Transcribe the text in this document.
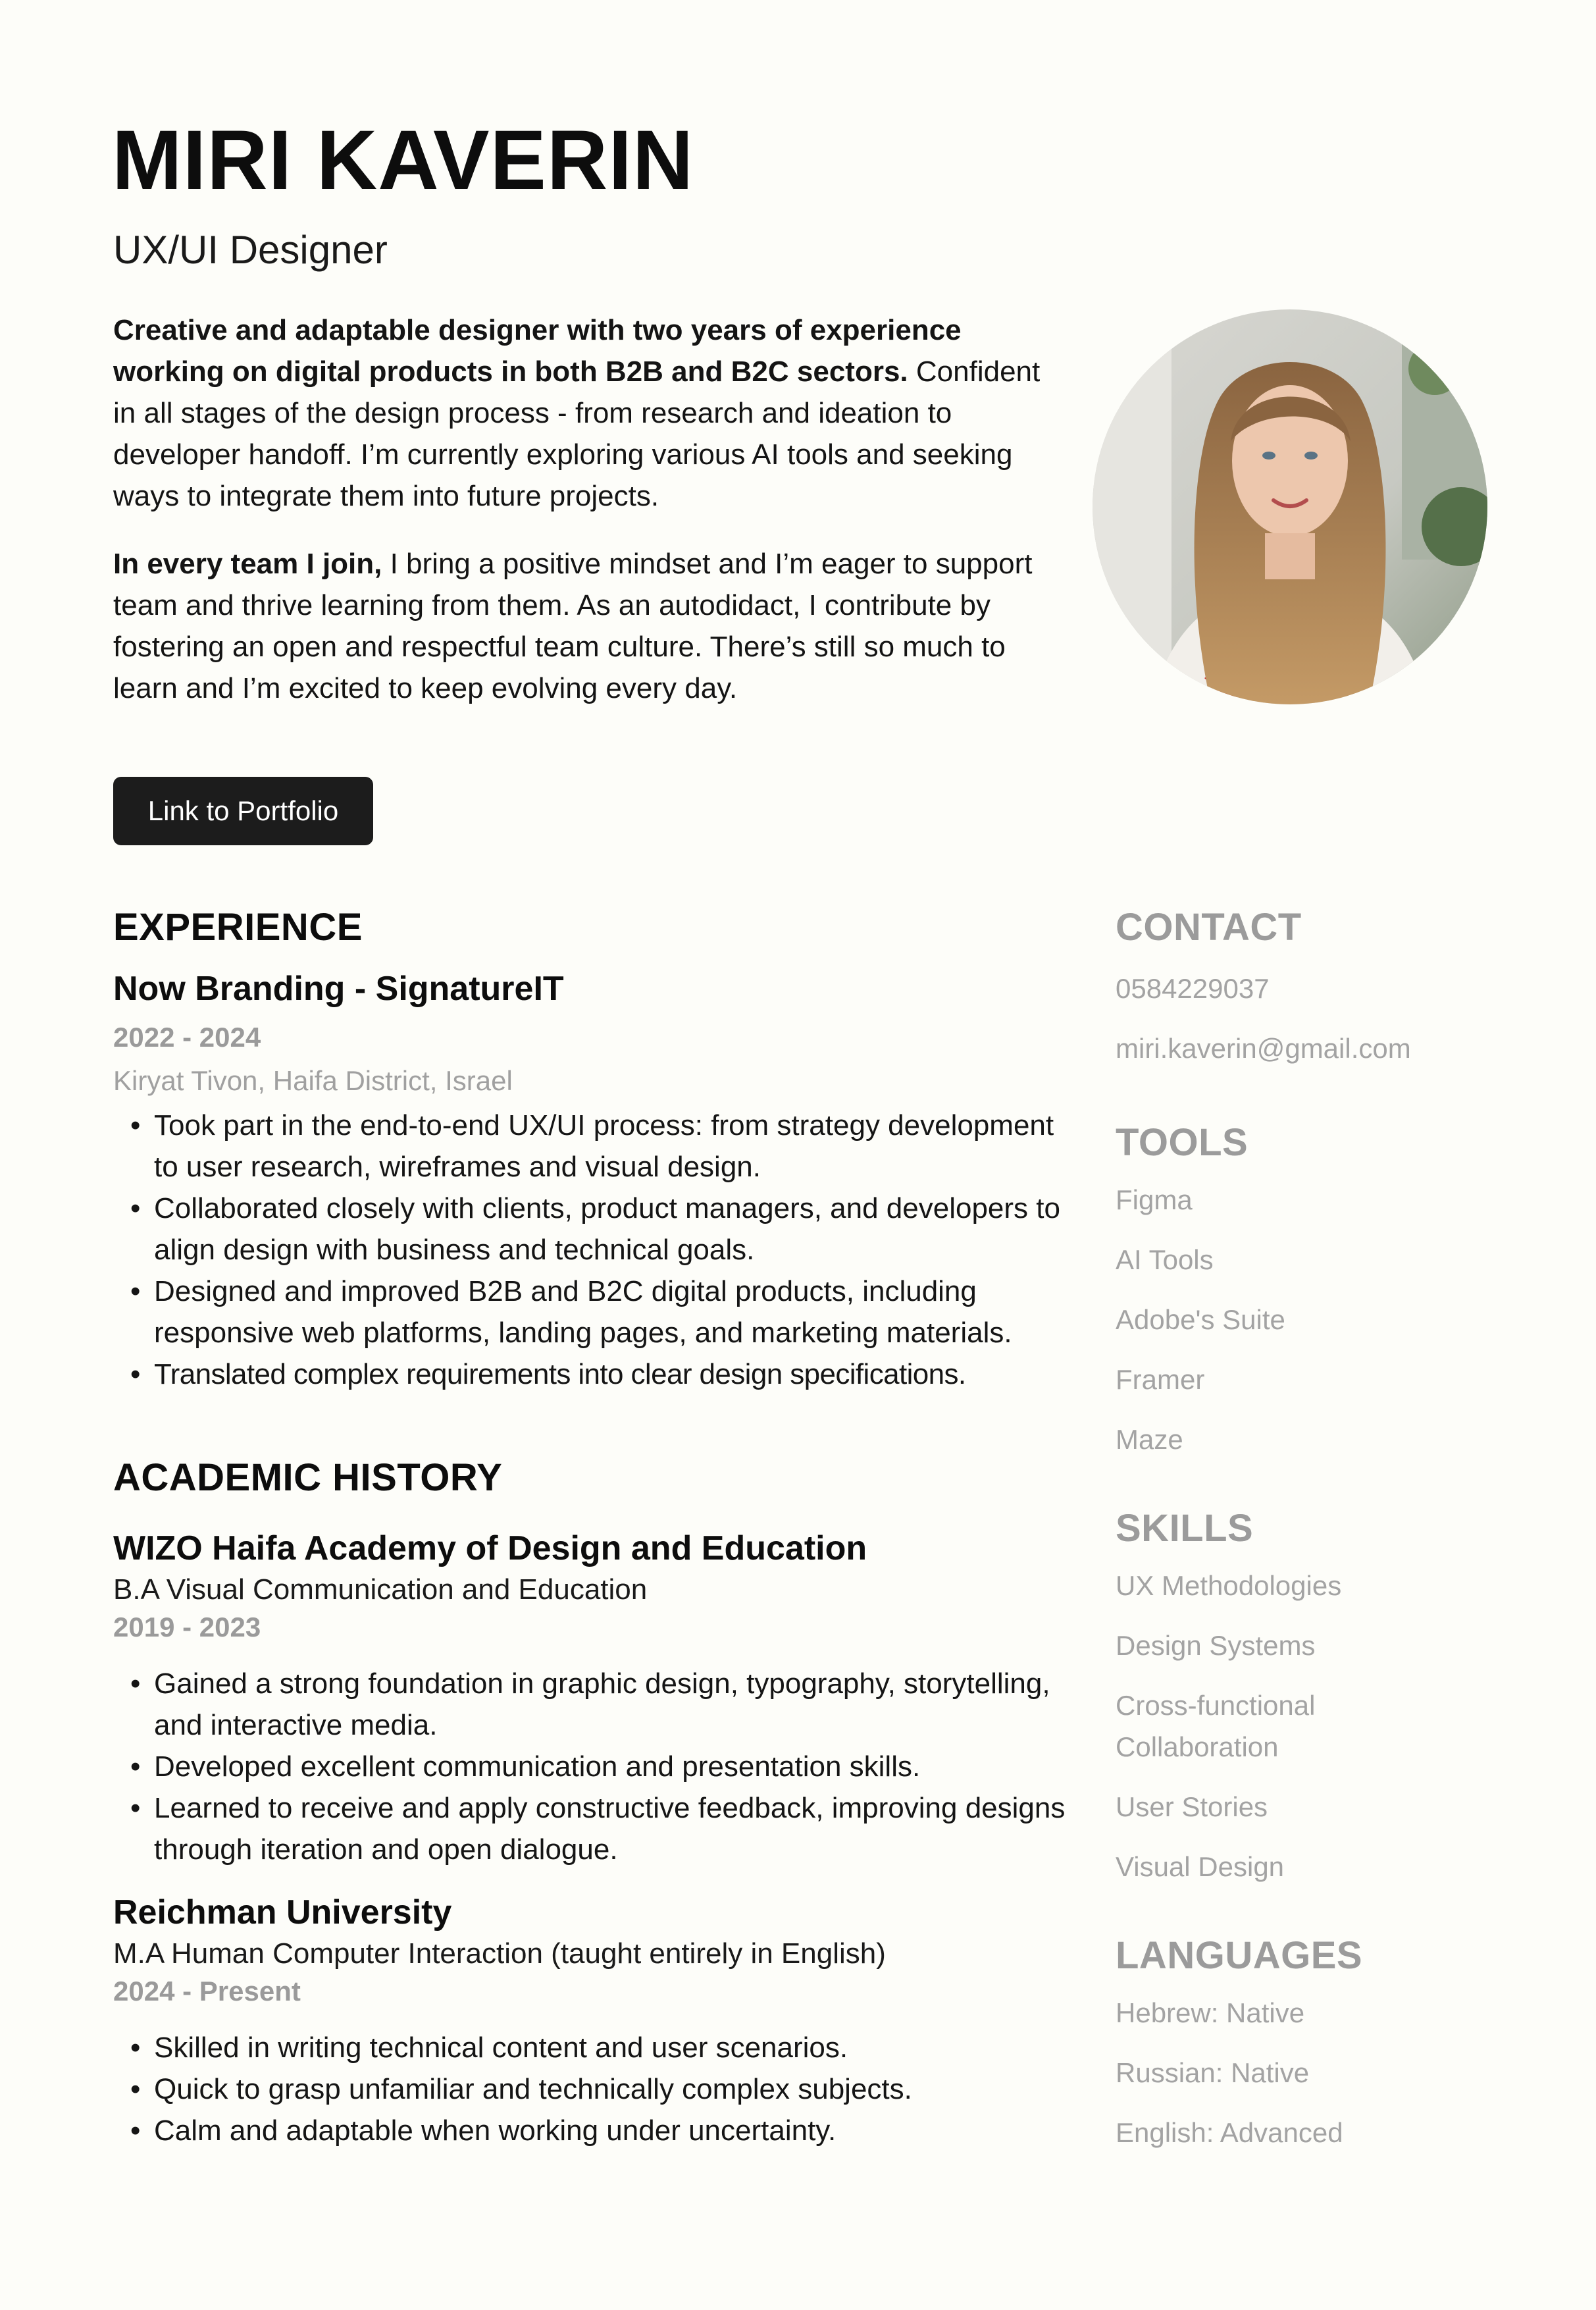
MIRI KAVERIN
UX/UI Designer

Creative and adaptable designer with two years of experience working on digital products in both B2B and B2C sectors. Confident in all stages of the design process - from research and ideation to developer handoff. I’m currently exploring various AI tools and seeking ways to integrate them into future projects.

In every team I join, I bring a positive mindset and I’m eager to support team and thrive learning from them. As an autodidact, I contribute by fostering an open and respectful team culture. There’s still so much to learn and I’m excited to keep evolving every day.

Link to Portfolio
EXPERIENCE
Now Branding - SignatureIT
2022 - 2024
Kiryat Tivon, Haifa District, Israel
• Took part in the end-to-end UX/UI process: from strategy development to user research, wireframes and visual design.
• Collaborated closely with clients, product managers, and developers to align design with business and technical goals.
• Designed and improved B2B and B2C digital products, including responsive web platforms, landing pages, and marketing materials.
• Translated complex requirements into clear design specifications.
ACADEMIC HISTORY
WIZO Haifa Academy of Design and Education
B.A Visual Communication and Education
2019 - 2023
• Gained a strong foundation in graphic design, typography, storytelling, and interactive media.
• Developed excellent communication and presentation skills.
• Learned to receive and apply constructive feedback, improving designs through iteration and open dialogue.
Reichman University
M.A Human Computer Interaction (taught entirely in English)
2024 - Present
• Skilled in writing technical content and user scenarios.
• Quick to grasp unfamiliar and technically complex subjects.
• Calm and adaptable when working under uncertainty.
CONTACT
0584229037
miri.kaverin@gmail.com
TOOLS
Figma
AI Tools
Adobe's Suite
Framer
Maze
SKILLS
UX Methodologies
Design Systems
Cross-functional Collaboration
User Stories
Visual Design
LANGUAGES
Hebrew: Native
Russian: Native
English: Advanced
